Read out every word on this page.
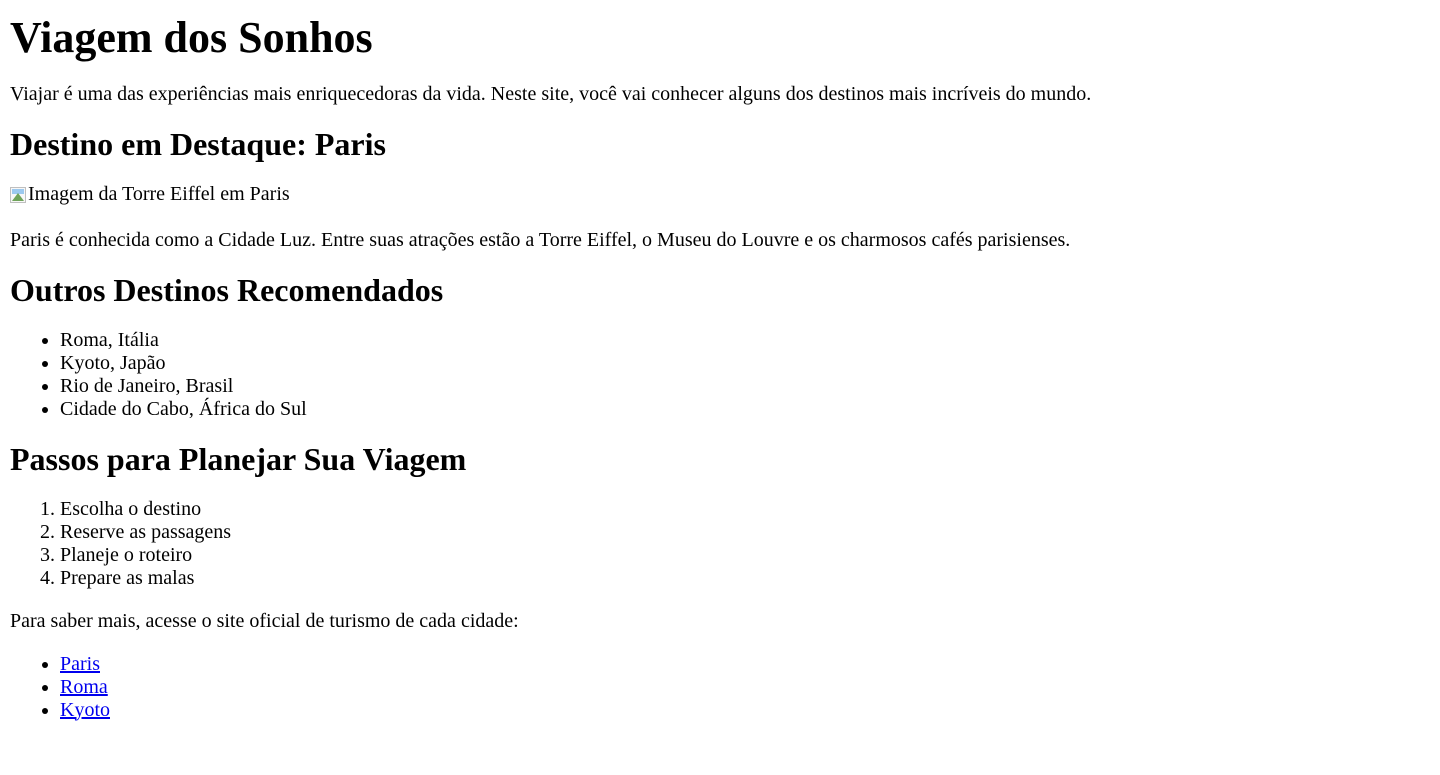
Viagem dos Sonhos

Viajar é uma das experiências mais enriquecedoras da vida. Neste site, você vai conhecer alguns dos destinos mais incríveis do mundo.

Destino em Destaque: Paris

Imagem da Torre Eiffel em Paris

Paris é conhecida como a Cidade Luz. Entre suas atrações estão a Torre Eiffel, o Museu do Louvre e os charmosos cafés parisienses.

Outros Destinos Recomendados
• Roma, Itália
• Kyoto, Japão
• Rio de Janeiro, Brasil
• Cidade do Cabo, África do Sul
Passos para Planejar Sua Viagem
1. Escolha o destino
2. Reserve as passagens
3. Planeje o roteiro
4. Prepare as malas

Para saber mais, acesse o site oficial de turismo de cada cidade:

• Paris
• Roma
• Kyoto
